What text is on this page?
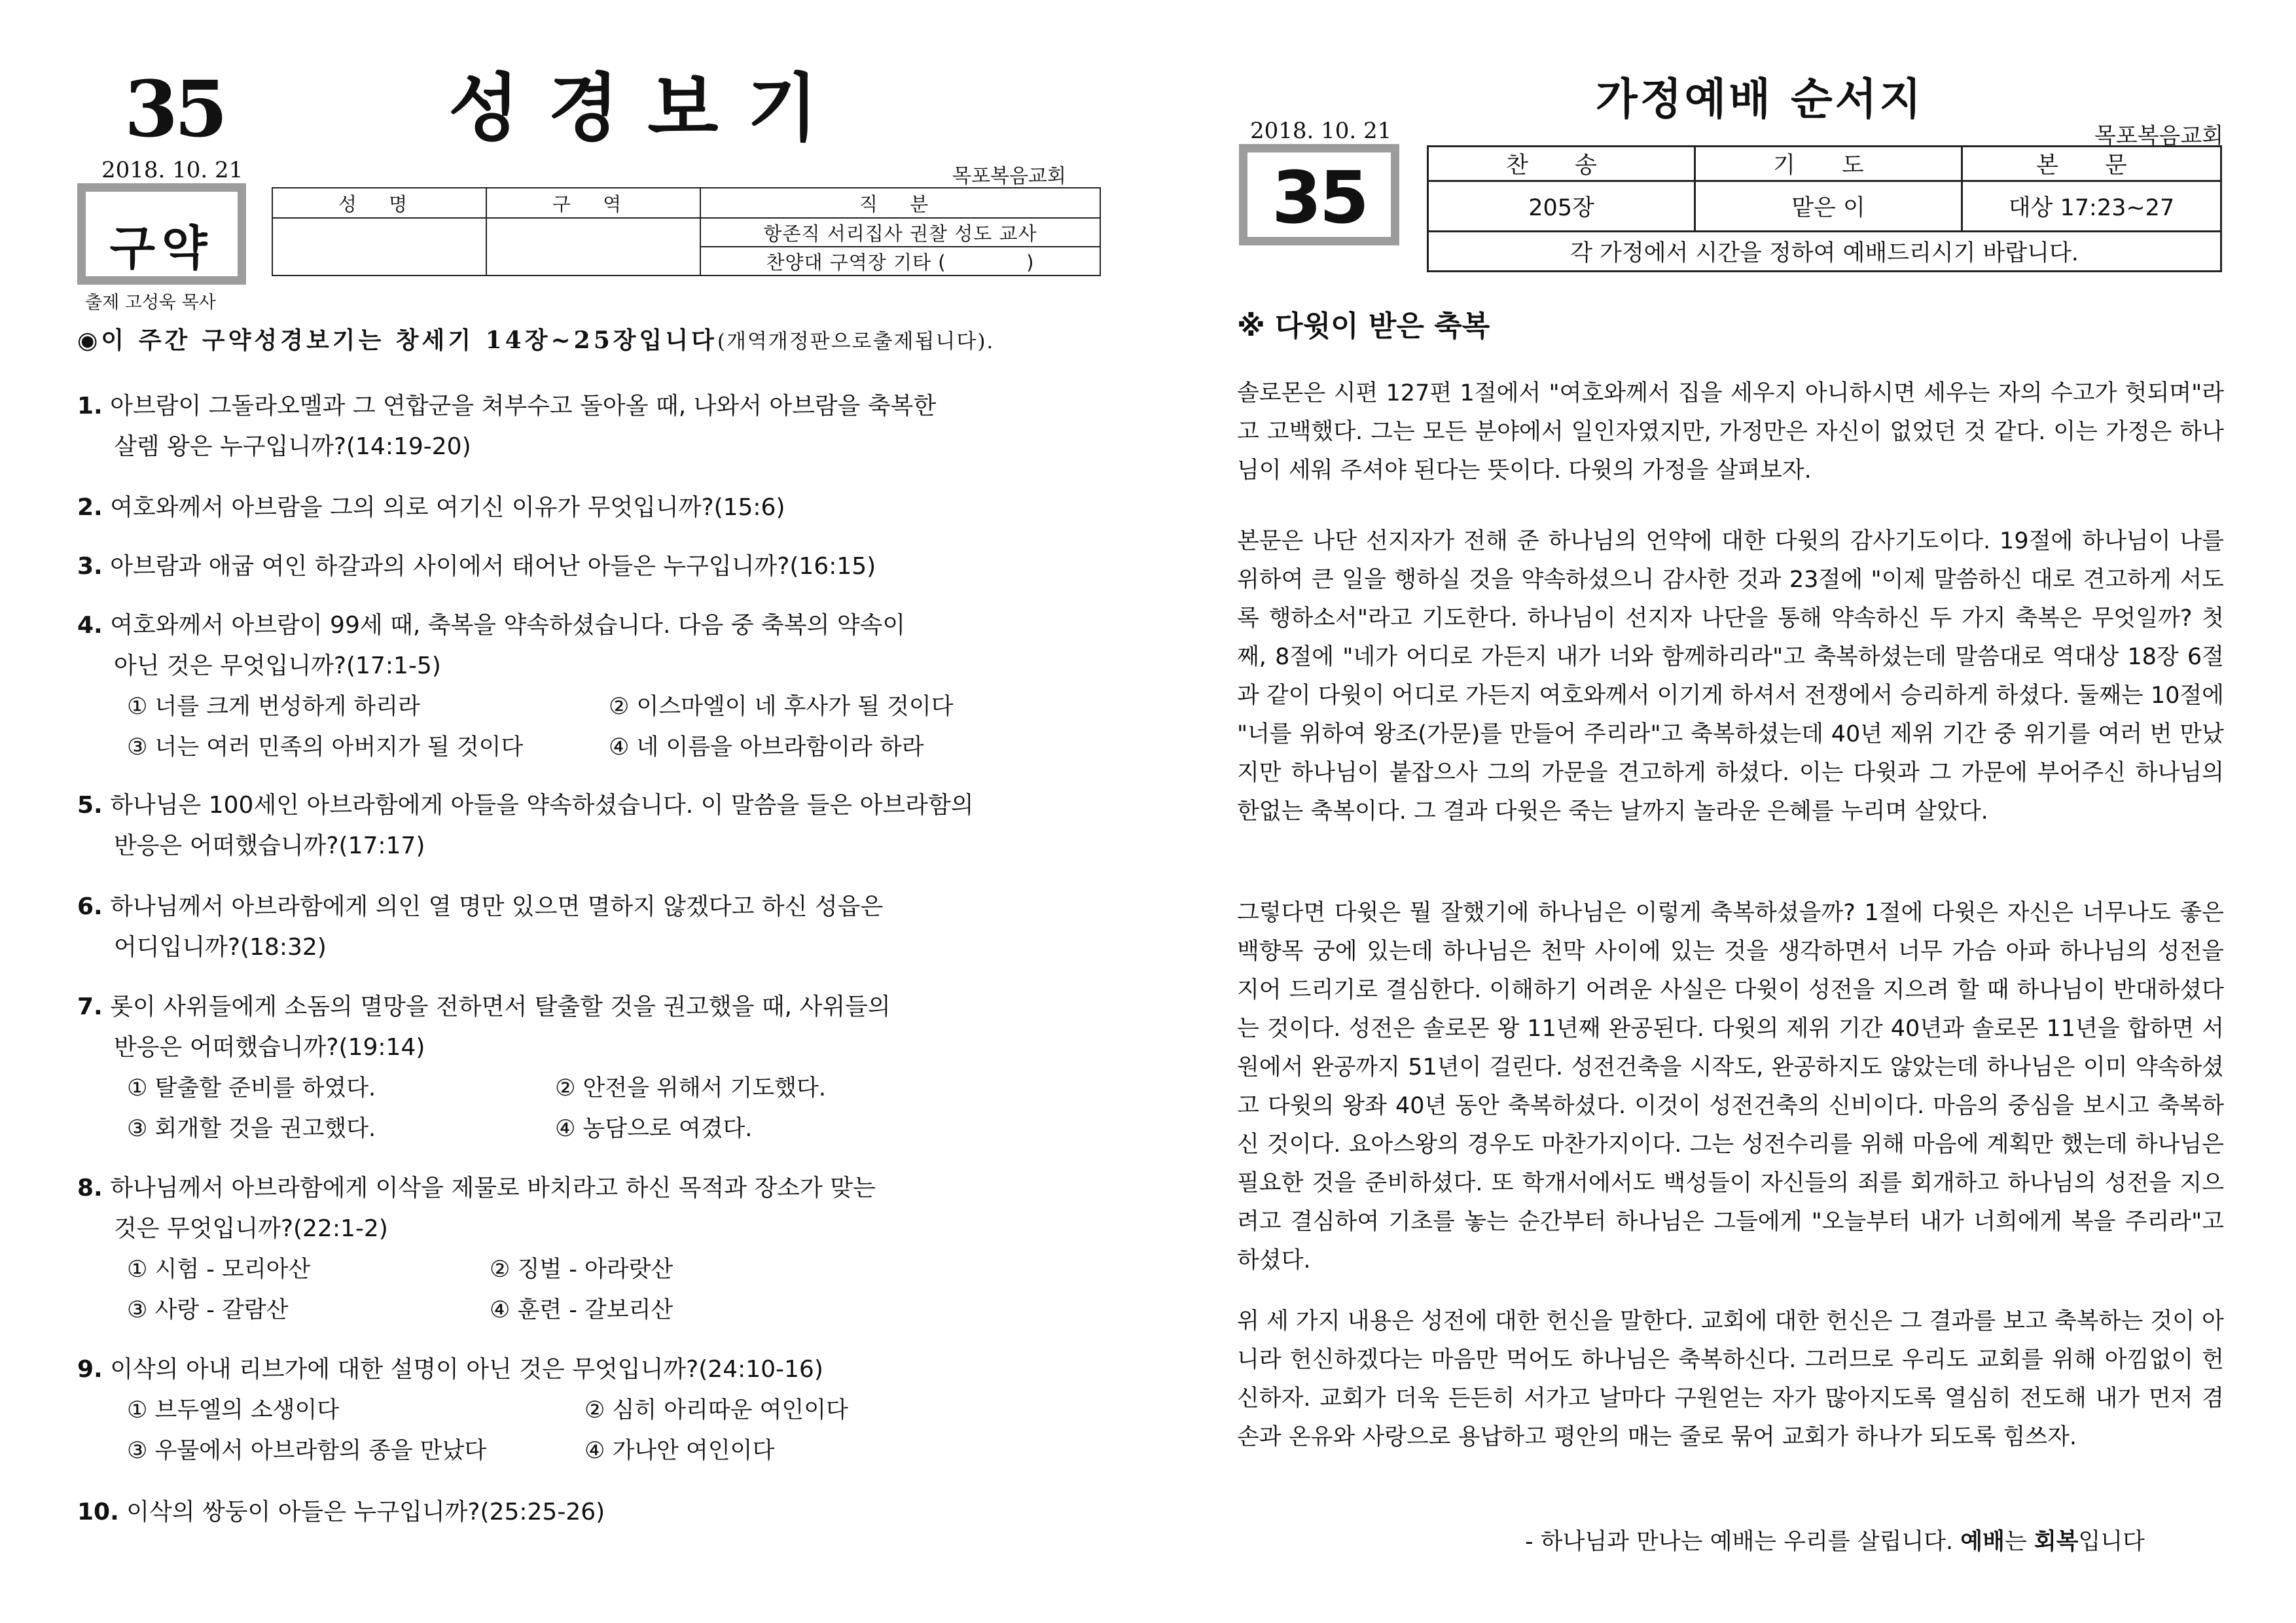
35	성경보기
2018. 10. 21	목포복음교회
구약
성 명	구 역	직 분
		항존직 서리집사 권찰 성도 교사
		찬양대 구역장 기타 (            )
출제 고성욱 목사
◉이 주간 구약성경보기는 창세기 14장~25장입니다(개역개정판으로출제됩니다).
1. 아브람이 그돌라오멜과 그 연합군을 쳐부수고 돌아올 때, 나와서 아브람을 축복한
살렘 왕은 누구입니까?(14:19-20)
2. 여호와께서 아브람을 그의 의로 여기신 이유가 무엇입니까?(15:6)
3. 아브람과 애굽 여인 하갈과의 사이에서 태어난 아들은 누구입니까?(16:15)
4. 여호와께서 아브람이 99세 때, 축복을 약속하셨습니다. 다음 중 축복의 약속이
아닌 것은 무엇입니까?(17:1-5)
① 너를 크게 번성하게 하리라	② 이스마엘이 네 후사가 될 것이다
③ 너는 여러 민족의 아버지가 될 것이다	④ 네 이름을 아브라함이라 하라
5. 하나님은 100세인 아브라함에게 아들을 약속하셨습니다. 이 말씀을 들은 아브라함의
반응은 어떠했습니까?(17:17)
6. 하나님께서 아브라함에게 의인 열 명만 있으면 멸하지 않겠다고 하신 성읍은
어디입니까?(18:32)
7. 롯이 사위들에게 소돔의 멸망을 전하면서 탈출할 것을 권고했을 때, 사위들의
반응은 어떠했습니까?(19:14)
① 탈출할 준비를 하였다.	② 안전을 위해서 기도했다.
③ 회개할 것을 권고했다.	④ 농담으로 여겼다.
8. 하나님께서 아브라함에게 이삭을 제물로 바치라고 하신 목적과 장소가 맞는
것은 무엇입니까?(22:1-2)
① 시험 - 모리아산	② 징벌 - 아라랏산
③ 사랑 - 갈람산	④ 훈련 - 갈보리산
9. 이삭의 아내 리브가에 대한 설명이 아닌 것은 무엇입니까?(24:10-16)
① 브두엘의 소생이다	② 심히 아리따운 여인이다
③ 우물에서 아브라함의 종을 만났다	④ 가나안 여인이다
10. 이삭의 쌍둥이 아들은 누구입니까?(25:25-26)
가정예배 순서지
2018. 10. 21	목포복음교회
35	찬 송	기 도	본 문
205장	맡은 이	대상 17:23~27
각 가정에서 시간을 정하여 예배드리시기 바랍니다.		
※ 다윗이 받은 축복
솔로몬은 시편 127편 1절에서 "여호와께서 집을 세우지 아니하시면 세우는 자의 수고가 헛되며"라고 고백했다. 그는 모든 분야에서 일인자였지만, 가정만은 자신이 없었던 것 같다. 이는 가정은 하나님이 세워 주셔야 된다는 뜻이다. 다윗의 가정을 살펴보자.
본문은 나단 선지자가 전해 준 하나님의 언약에 대한 다윗의 감사기도이다. 19절에 하나님이 나를 위하여 큰 일을 행하실 것을 약속하셨으니 감사한 것과 23절에 "이제 말씀하신 대로 견고하게 서도록 행하소서"라고 기도한다. 하나님이 선지자 나단을 통해 약속하신 두 가지 축복은 무엇일까? 첫째, 8절에 "네가 어디로 가든지 내가 너와 함께하리라"고 축복하셨는데 말씀대로 역대상 18장 6절과 같이 다윗이 어디로 가든지 여호와께서 이기게 하셔서 전쟁에서 승리하게 하셨다. 둘째는 10절에 "너를 위하여 왕조(가문)를 만들어 주리라"고 축복하셨는데 40년 제위 기간 중 위기를 여러 번 만났지만 하나님이 붙잡으사 그의 가문을 견고하게 하셨다. 이는 다윗과 그 가문에 부어주신 하나님의 한없는 축복이다. 그 결과 다윗은 죽는 날까지 놀라운 은혜를 누리며 살았다.
그렇다면 다윗은 뭘 잘했기에 하나님은 이렇게 축복하셨을까? 1절에 다윗은 자신은 너무나도 좋은 백향목 궁에 있는데 하나님은 천막 사이에 있는 것을 생각하면서 너무 가슴 아파 하나님의 성전을 지어 드리기로 결심한다. 이해하기 어려운 사실은 다윗이 성전을 지으려 할 때 하나님이 반대하셨다는 것이다. 성전은 솔로몬 왕 11년째 완공된다. 다윗의 제위 기간 40년과 솔로몬 11년을 합하면 서원에서 완공까지 51년이 걸린다. 성전건축을 시작도, 완공하지도 않았는데 하나님은 이미 약속하셨고 다윗의 왕좌 40년 동안 축복하셨다. 이것이 성전건축의 신비이다. 마음의 중심을 보시고 축복하신 것이다. 요아스왕의 경우도 마찬가지이다. 그는 성전수리를 위해 마음에 계획만 했는데 하나님은 필요한 것을 준비하셨다. 또 학개서에서도 백성들이 자신들의 죄를 회개하고 하나님의 성전을 지으려고 결심하여 기초를 놓는 순간부터 하나님은 그들에게 "오늘부터 내가 너희에게 복을 주리라"고 하셨다.
위 세 가지 내용은 성전에 대한 헌신을 말한다. 교회에 대한 헌신은 그 결과를 보고 축복하는 것이 아니라 헌신하겠다는 마음만 먹어도 하나님은 축복하신다. 그러므로 우리도 교회를 위해 아낌없이 헌신하자. 교회가 더욱 든든히 서가고 날마다 구원얻는 자가 많아지도록 열심히 전도해 내가 먼저 겸손과 온유와 사랑으로 용납하고 평안의 매는 줄로 묶어 교회가 하나가 되도록 힘쓰자.
- 하나님과 만나는 예배는 우리를 살립니다. 예배는 회복입니다
